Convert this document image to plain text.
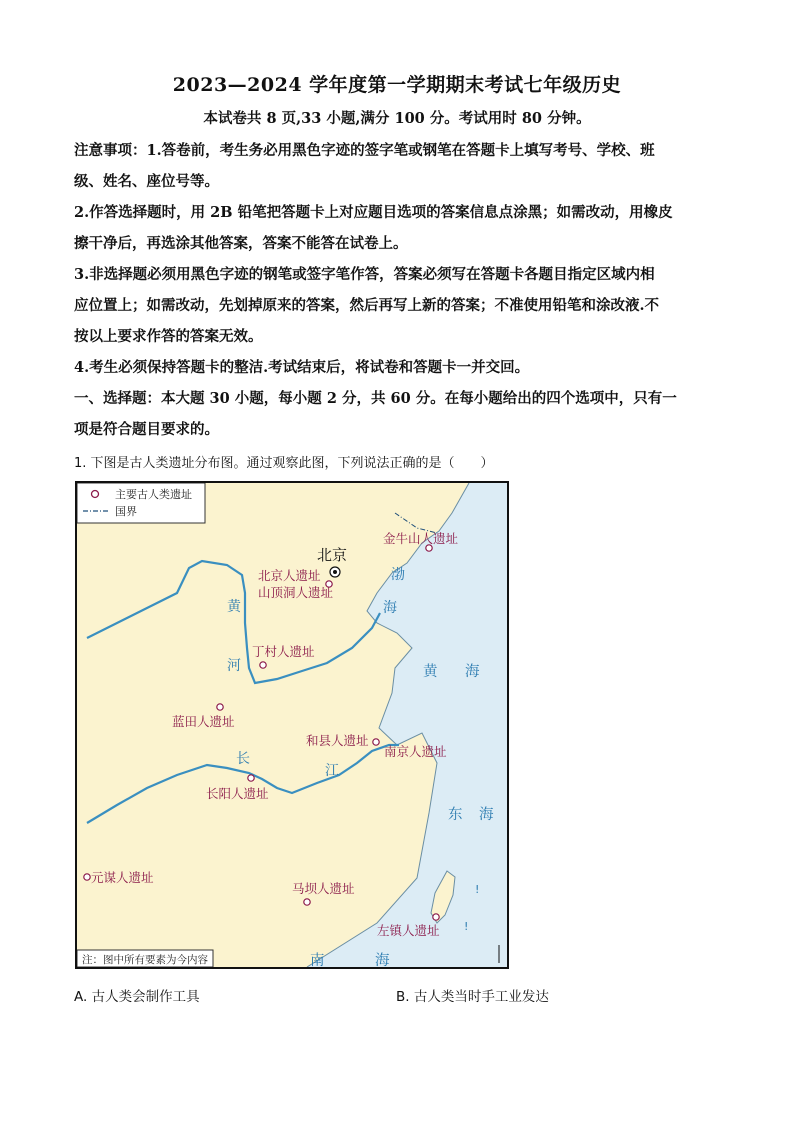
2023—2024 学年度第一学期期末考试七年级历史
本试卷共 8 页,33 小题,满分 100 分。考试用时 80 分钟。
注意事项：1.答卷前，考生务必用黑色字迹的签字笔或钢笔在答题卡上填写考号、学校、班
级、姓名、座位号等。
2.作答选择题时，用 2B 铅笔把答题卡上对应题目选项的答案信息点涂黑；如需改动，用橡皮
擦干净后，再选涂其他答案，答案不能答在试卷上。
3.非选择题必须用黑色字迹的钢笔或签字笔作答，答案必须写在答题卡各题目指定区域内相
应位置上；如需改动，先划掉原来的答案，然后再写上新的答案；不准使用铅笔和涂改液.不
按以上要求作答的答案无效。
4.考生必须保持答题卡的整洁.考试结束后，将试卷和答题卡一并交回。
一、选择题：本大题 30 小题，每小题 2 分，共 60 分。在每小题给出的四个选项中，只有一
项是符合题目要求的。
1. 下图是古人类遗址分布图。通过观察此图，下列说法正确的是（　　）
主要古人类遗址
国界
北京
金牛山人遗址
北京人遗址
山顶洞人遗址
丁村人遗址
蓝田人遗址
和县人遗址
南京人遗址
长阳人遗址
元谋人遗址
马坝人遗址
左镇人遗址
渤
海
黄 海
东 海
南	海
黄
河
长
江
!
!
注：图中所有要素为今内容
A. 古人类会制作工具	B. 古人类当时手工业发达
